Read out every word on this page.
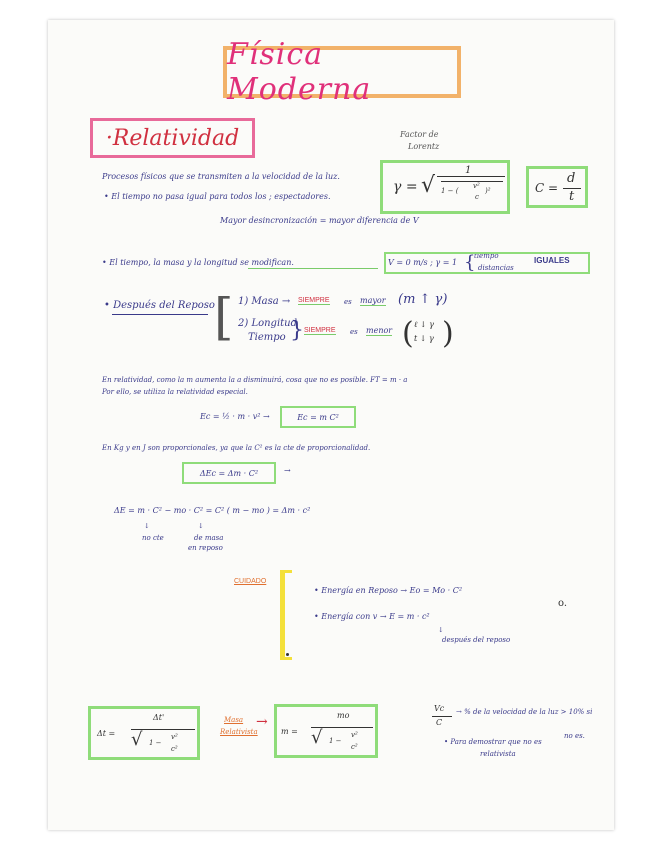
Física Moderna
·Relatividad	Factor de
Lorentz
γ = √
1
1 − (
v²
c
)²	C =
d
t
Procesos físicos que se transmiten a la velocidad de la luz.
• El tiempo no pasa igual para todos los ; espectadores.
Mayor desincronización = mayor diferencia de V
• El tiempo, la masa y la longitud se modifican.	V = 0 m/s ; γ = 1 {
tiempo
distancias
IGUALES
• Después del Reposo [ 1) Masa → SIEMPRE es mayor (m ↑ γ)
2) Longitud
Tiempo } SIEMPRE es menor ( ℓ ↓ γ
t ↓ γ )
En relatividad, como la m aumenta la a disminuirá, cosa que no es posible. FT = m · a
Por ello, se utiliza la relatividad especial.
Ec = ½ · m · v² →	Ec = m C²
En Kg y en J son proporcionales, ya que la C² es la cte de proporcionalidad.
ΔEc = Δm · C²	→
ΔE = m · C² − mo · C² = C² ( m − mo ) = Δm · c²
↓
no cte
↓
de masa
en reposo
CUIDADO
• Energía en Reposo → Eo = Mo · C²
• Energía con v → E = m · c²
↓
después del reposo
o.
Δt =
Δt'
√ 1 −
v²
c²
Masa
Relativista
→
m =
mo
√ 1 −
v²
c²
Vc
C
→ % de la velocidad de la luz > 10% si
• Para demostrar que no es
no es.
relativista
